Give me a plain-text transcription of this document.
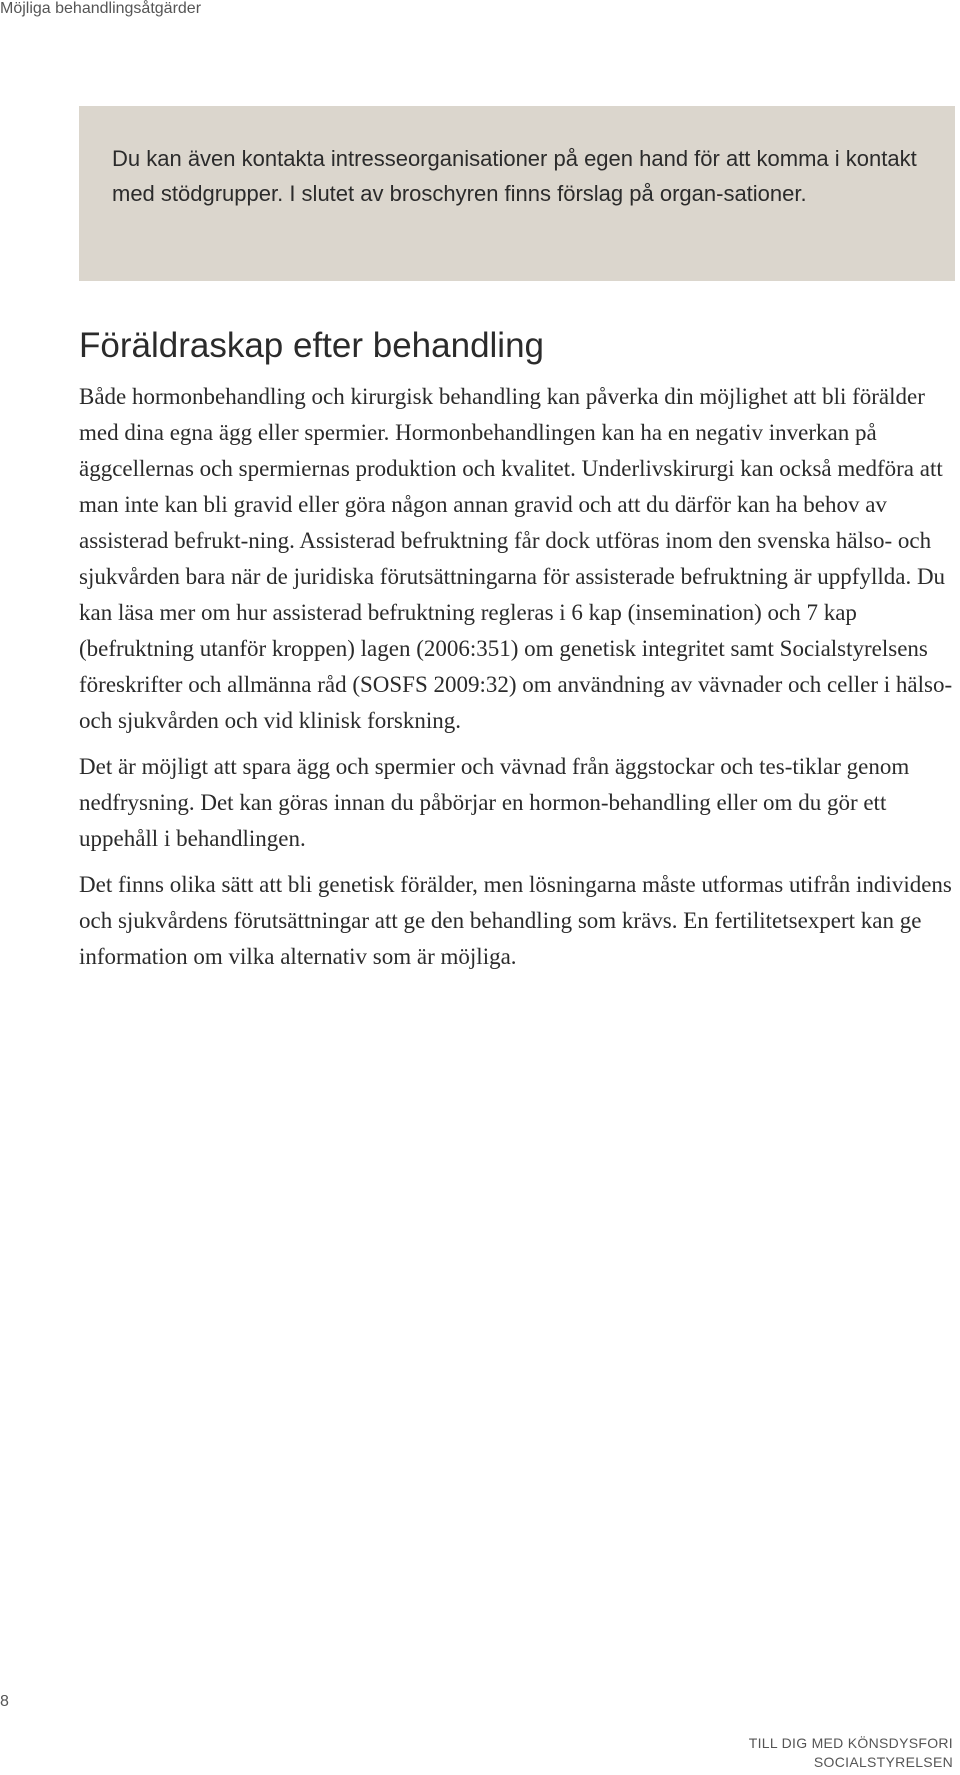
Möjliga behandlingsåtgärder

Du kan även kontakta intresseorganisationer på egen hand för att komma i kontakt med stödgrupper. I slutet av broschyren finns förslag på organ-sationer.

Föräldraskap efter behandling

Både hormonbehandling och kirurgisk behandling kan påverka din möjlighet att bli förälder med dina egna ägg eller spermier. Hormonbehandlingen kan ha en negativ inverkan på äggcellernas och spermiernas produktion och kvalitet. Underlivskirurgi kan också medföra att man inte kan bli gravid eller göra någon annan gravid och att du därför kan ha behov av assisterad befrukt-ning. Assisterad befruktning får dock utföras inom den svenska hälso- och sjukvården bara när de juridiska förutsättningarna för assisterade befruktning är uppfyllda. Du kan läsa mer om hur assisterad befruktning regleras i 6 kap (insemination) och 7 kap (befruktning utanför kroppen) lagen (2006:351) om genetisk integritet samt Socialstyrelsens föreskrifter och allmänna råd (SOSFS 2009:32) om användning av vävnader och celler i hälso- och sjukvården och vid klinisk forskning.

Det är möjligt att spara ägg och spermier och vävnad från äggstockar och tes-tiklar genom nedfrysning. Det kan göras innan du påbörjar en hormon-behandling eller om du gör ett uppehåll i behandlingen.

Det finns olika sätt att bli genetisk förälder, men lösningarna måste utformas utifrån individens och sjukvårdens förutsättningar att ge den behandling som krävs. En fertilitetsexpert kan ge information om vilka alternativ som är möjliga.

8
TILL DIG MED KÖNSDYSFORI
SOCIALSTYRELSEN
